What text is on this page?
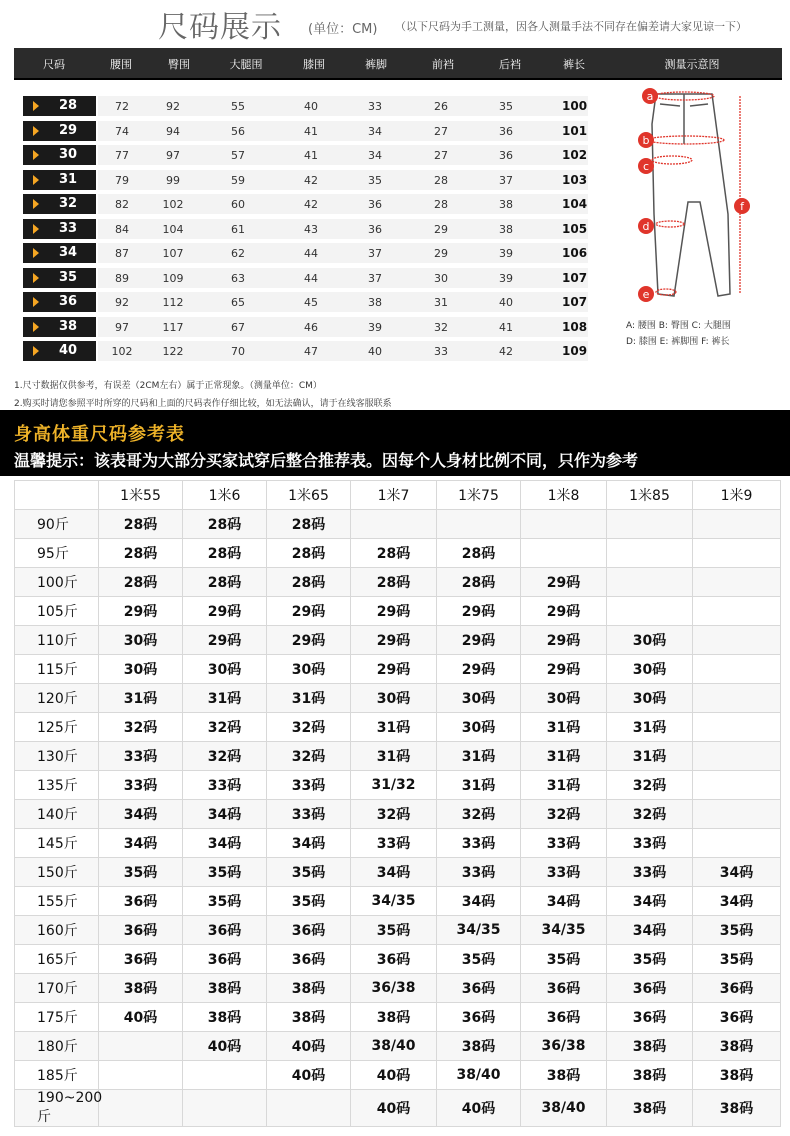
尺码展示 (单位：CM) （以下尺码为手工测量，因各人测量手法不同存在偏差请大家见谅一下）
尺码	腰围	臀围	大腿围	膝围	裤脚	前裆	后裆	裤长	测量示意图
28	72	92	55	40	33	26	35	100
29	74	94	56	41	34	27	36	101
30	77	97	57	41	34	27	36	102
31	79	99	59	42	35	28	37	103
32	82	102	60	42	36	28	38	104
33	84	104	61	43	36	29	38	105
34	87	107	62	44	37	29	39	106
35	89	109	63	44	37	30	39	107
36	92	112	65	45	38	31	40	107
38	97	117	67	46	39	32	41	108
40	102	122	70	47	40	33	42	109
a
b
c
d
e
f
A: 腰围 B: 臀围 C: 大腿围
D: 膝围 E: 裤脚围 F: 裤长
1.尺寸数据仅供参考，有误差（2CM左右）属于正常现象。（测量单位：CM）
2.购买时请您参照平时所穿的尺码和上面的尺码表作仔细比较，如无法确认，请于在线客服联系
身高体重尺码参考表
温馨提示：该表哥为大部分买家试穿后整合推荐表。因每个人身材比例不同，只作为参考
	1米55	1米6	1米65	1米7	1米75	1米8	1米85	1米9
90斤	28码	28码	28码					
95斤	28码	28码	28码	28码	28码			
100斤	28码	28码	28码	28码	28码	29码		
105斤	29码	29码	29码	29码	29码	29码		
110斤	30码	29码	29码	29码	29码	29码	30码	
115斤	30码	30码	30码	29码	29码	29码	30码	
120斤	31码	31码	31码	30码	30码	30码	30码	
125斤	32码	32码	32码	31码	30码	31码	31码	
130斤	33码	32码	32码	31码	31码	31码	31码	
135斤	33码	33码	33码	31/32	31码	31码	32码	
140斤	34码	34码	33码	32码	32码	32码	32码	
145斤	34码	34码	34码	33码	33码	33码	33码	
150斤	35码	35码	35码	34码	33码	33码	33码	34码
155斤	36码	35码	35码	34/35	34码	34码	34码	34码
160斤	36码	36码	36码	35码	34/35	34/35	34码	35码
165斤	36码	36码	36码	36码	35码	35码	35码	35码
170斤	38码	38码	38码	36/38	36码	36码	36码	36码
175斤	40码	38码	38码	38码	36码	36码	36码	36码
180斤		40码	40码	38/40	38码	36/38	38码	38码
185斤			40码	40码	38/40	38码	38码	38码
190~200斤				40码	40码	38/40	38码	38码
